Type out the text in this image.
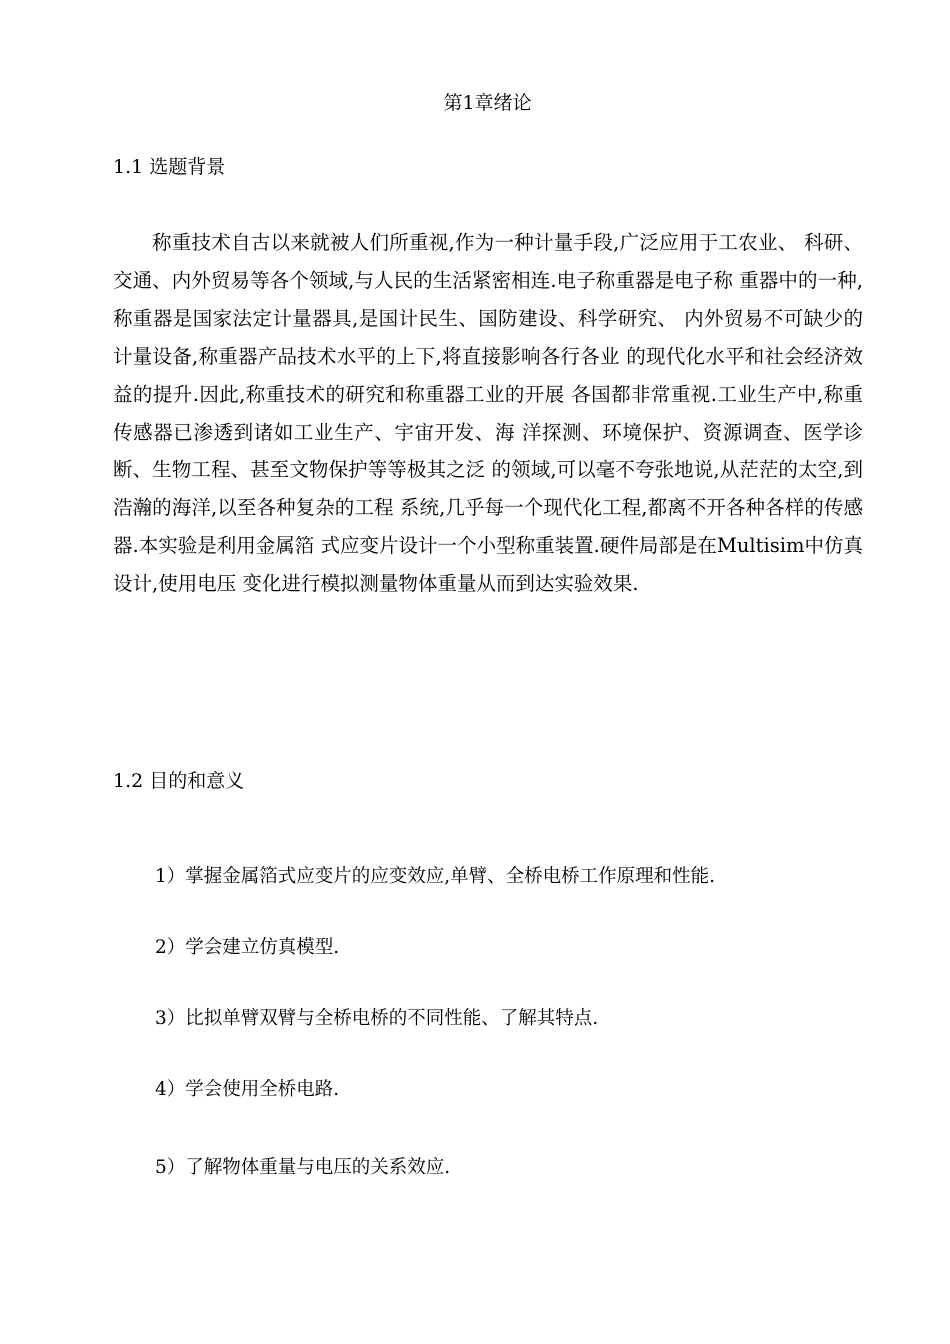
第1章绪论
1.1 选题背景

称重技术自古以来就被人们所重视,作为一种计量手段,广泛应用于工农业、 科研、交通、内外贸易等各个领域,与人民的生活紧密相连.电子称重器是电子称 重器中的一种,称重器是国家法定计量器具,是国计民生、国防建设、科学研究、 内外贸易不可缺少的计量设备,称重器产品技术水平的上下,将直接影响各行各业 的现代化水平和社会经济效益的提升.因此,称重技术的研究和称重器工业的开展 各国都非常重视.工业生产中,称重传感器已渗透到诸如工业生产、宇宙开发、海 洋探测、环境保护、资源调查、医学诊断、生物工程、甚至文物保护等等极其之泛 的领域,可以毫不夸张地说,从茫茫的太空,到浩瀚的海洋,以至各种复杂的工程 系统,几乎每一个现代化工程,都离不开各种各样的传感器.本实验是利用金属箔 式应变片设计一个小型称重装置.硬件局部是在Multisim中仿真设计,使用电压 变化进行模拟测量物体重量从而到达实验效果.

1.2 目的和意义
1）掌握金属箔式应变片的应变效应,单臂、全桥电桥工作原理和性能.
2）学会建立仿真模型.
3）比拟单臂双臂与全桥电桥的不同性能、了解其特点.
4）学会使用全桥电路.
5）了解物体重量与电压的关系效应.
